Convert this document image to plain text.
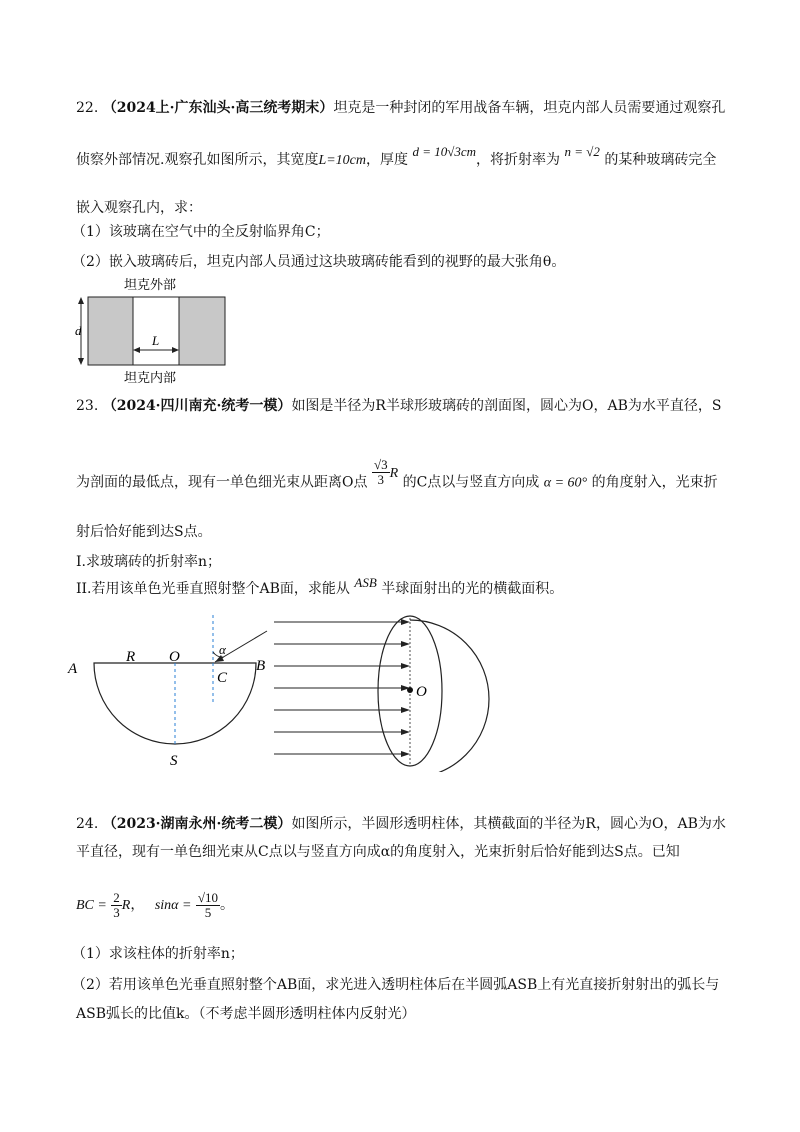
22. （2024上·广东汕头·高三统考期末）坦克是一种封闭的军用战备车辆，坦克内部人员需要通过观察孔
侦察外部情况.观察孔如图所示，其宽度L=10cm，厚度 d = 10√3cm，将折射率为 n = √2 的某种玻璃砖完全
嵌入观察孔内，求：
（1）该玻璃在空气中的全反射临界角C；
（2）嵌入玻璃砖后，坦克内部人员通过这块玻璃砖能看到的视野的最大张角θ。
坦克外部
d
L
坦克内部
23. （2024·四川南充·统考一模）如图是半径为R半球形玻璃砖的剖面图，圆心为O，AB为水平直径，S
为剖面的最低点，现有一单色细光束从距离O点 $\frac{√3}{3}$ R 的C点以与竖直方向成 α = 60° 的角度射入，光束折
射后恰好能到达S点。
I.求玻璃砖的折射率n；
II.若用该单色光垂直照射整个AB面，求能从 ASB 半球面射出的光的横截面积。
A
R O	α
B
C
S
O
24. （2023·湖南永州·统考二模）如图所示，半圆形透明柱体，其横截面的半径为R，圆心为O，AB为水
平直径，现有一单色细光束从C点以与竖直方向成α的角度射入，光束折射后恰好能到达S点。已知
BC = $\frac{2}{3}$ R， $\sin\alpha = \frac{√10}{5}$ 。
（1）求该柱体的折射率n；
（2）若用该单色光垂直照射整个AB面，求光进入透明柱体后在半圆弧ASB上有光直接折射射出的弧长与
ASB弧长的比值k。（不考虑半圆形透明柱体内反射光）
